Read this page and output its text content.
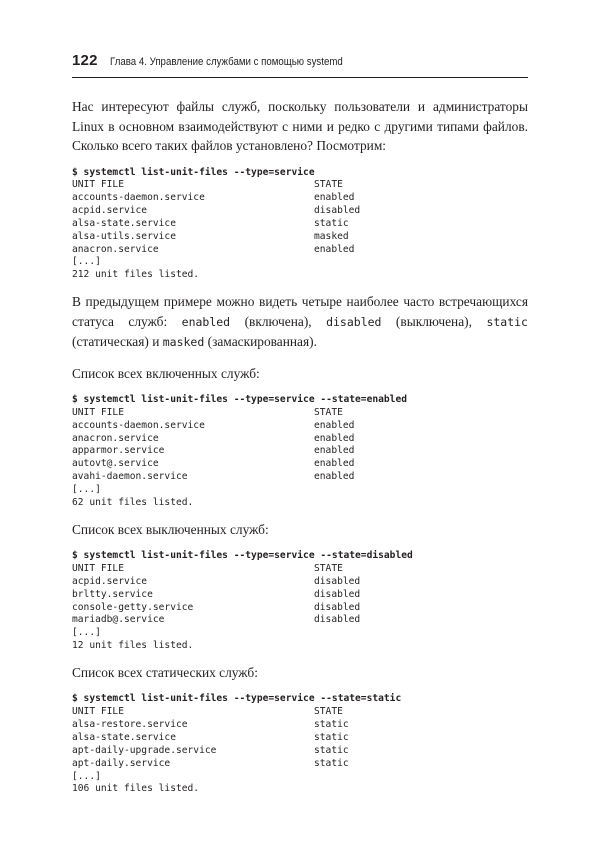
122 Глава 4. Управление службами с помощью systemd

Нас интересуют файлы служб, поскольку пользователи и администраторы Linux в основном взаимодействуют с ними и редко с другими типами файлов. Сколько всего таких файлов установлено? Посмотрим:

$ systemctl list-unit-files --type=service
UNIT FILE	STATE
accounts-daemon.service	enabled
acpid.service	disabled
alsa-state.service	static
alsa-utils.service	masked
anacron.service	enabled
[...]
212 unit files listed.

В предыдущем примере можно видеть четыре наиболее часто встречающихся статуса служб: enabled (включена), disabled (выключена), static (статическая) и masked (замаскированная).

Список всех включенных служб:

$ systemctl list-unit-files --type=service --state=enabled
UNIT FILE	STATE
accounts-daemon.service	enabled
anacron.service	enabled
apparmor.service	enabled
autovt@.service	enabled
avahi-daemon.service	enabled
[...]
62 unit files listed.

Список всех выключенных служб:

$ systemctl list-unit-files --type=service --state=disabled
UNIT FILE	STATE
acpid.service	disabled
brltty.service	disabled
console-getty.service	disabled
mariadb@.service	disabled
[...]
12 unit files listed.

Список всех статических служб:

$ systemctl list-unit-files --type=service --state=static
UNIT FILE	STATE
alsa-restore.service	static
alsa-state.service	static
apt-daily-upgrade.service	static
apt-daily.service	static
[...]
106 unit files listed.
